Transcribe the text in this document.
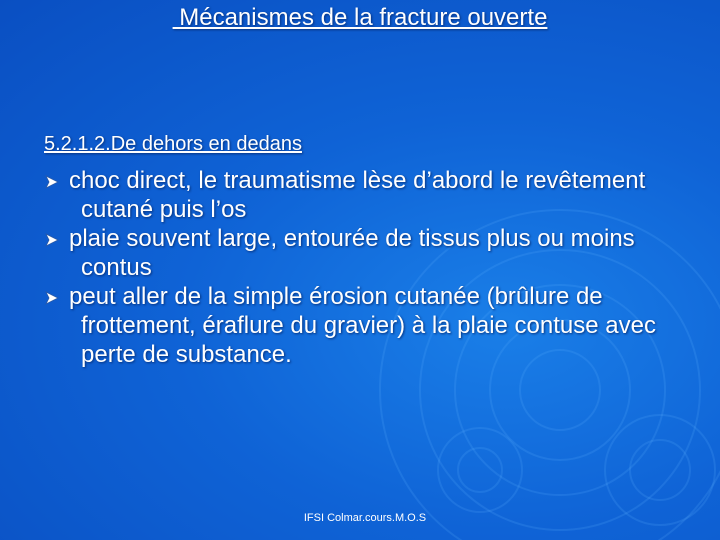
Mécanismes de la fracture ouverte
5.2.1.2.De dehors en dedans
choc direct, le traumatisme lèse d’abord le revêtement cutané puis l’os
plaie souvent large, entourée de tissus plus ou moins contus
peut aller de la simple érosion cutanée (brûlure de frottement, éraflure du gravier) à la plaie contuse avec perte de substance.
IFSI Colmar.cours.M.O.S
